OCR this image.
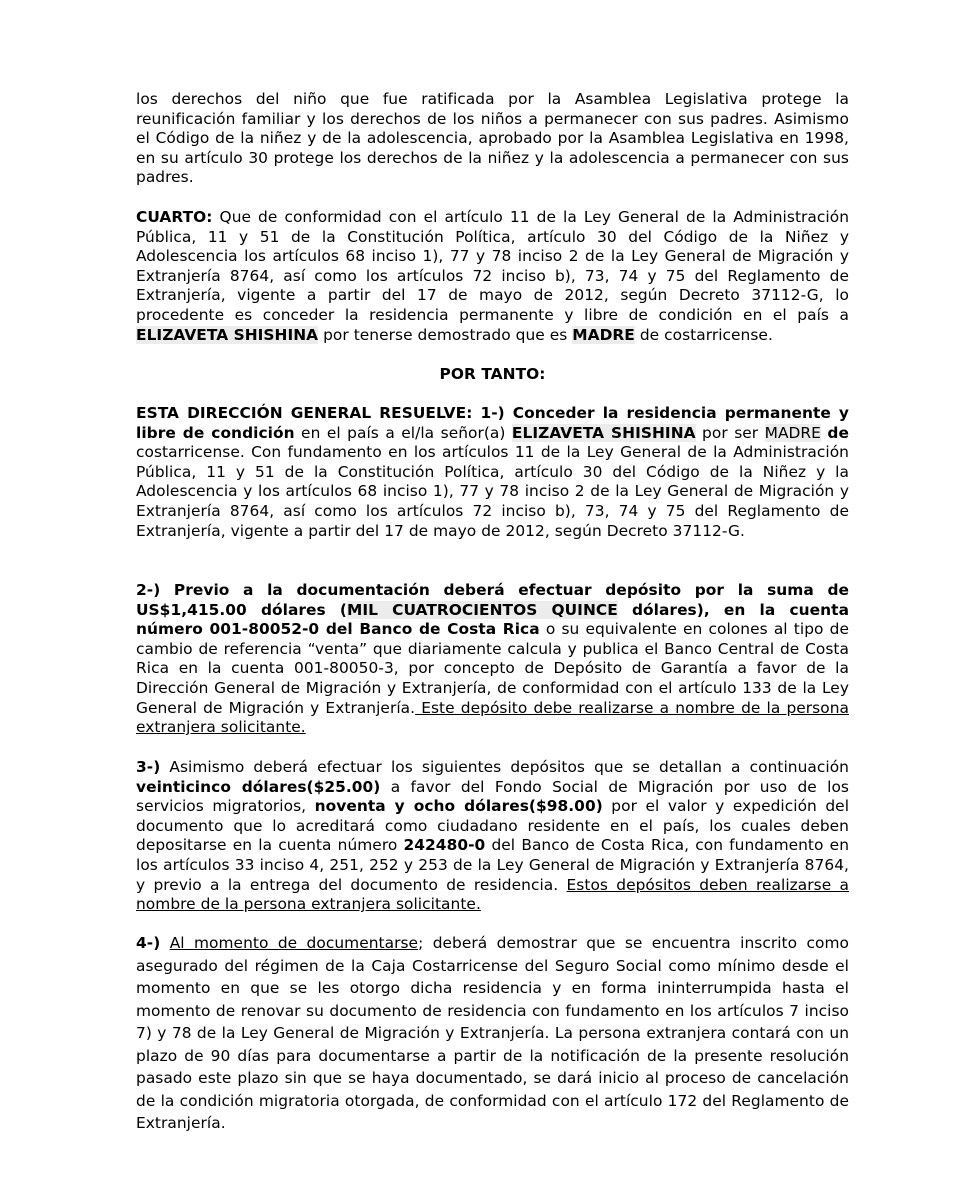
los derechos del niño que fue ratificada por la Asamblea Legislativa protege la reunificación familiar y los derechos de los niños a permanecer con sus padres. Asimismo el Código de la niñez y de la adolescencia, aprobado por la Asamblea Legislativa en 1998, en su artículo 30 protege los derechos de la niñez y la adolescencia a permanecer con sus padres.

CUARTO: Que de conformidad con el artículo 11 de la Ley General de la Administración Pública, 11 y 51 de la Constitución Política, artículo 30 del Código de la Niñez y Adolescencia los artículos 68 inciso 1), 77 y 78 inciso 2 de la Ley General de Migración y Extranjería 8764, así como los artículos 72 inciso b), 73, 74 y 75 del Reglamento de Extranjería, vigente a partir del 17 de mayo de 2012, según Decreto 37112-G, lo procedente es conceder la residencia permanente y libre de condición en el país a ELIZAVETA SHISHINA por tenerse demostrado que es MADRE de costarricense.

POR TANTO:

ESTA DIRECCIÓN GENERAL RESUELVE: 1-) Conceder la residencia permanente y libre de condición en el país a el/la señor(a) ELIZAVETA SHISHINA por ser MADRE de costarricense. Con fundamento en los artículos 11 de la Ley General de la Administración Pública, 11 y 51 de la Constitución Política, artículo 30 del Código de la Niñez y la Adolescencia y los artículos 68 inciso 1), 77 y 78 inciso 2 de la Ley General de Migración y Extranjería 8764, así como los artículos 72 inciso b), 73, 74 y 75 del Reglamento de Extranjería, vigente a partir del 17 de mayo de 2012, según Decreto 37112-G.

2-) Previo a la documentación deberá efectuar depósito por la suma de US$1,415.00 dólares (MIL CUATROCIENTOS QUINCE dólares), en la cuenta número 001-80052-0 del Banco de Costa Rica o su equivalente en colones al tipo de cambio de referencia “venta” que diariamente calcula y publica el Banco Central de Costa Rica en la cuenta 001-80050-3, por concepto de Depósito de Garantía a favor de la Dirección General de Migración y Extranjería, de conformidad con el artículo 133 de la Ley General de Migración y Extranjería. Este depósito debe realizarse a nombre de la persona extranjera solicitante.

3-) Asimismo deberá efectuar los siguientes depósitos que se detallan a continuación veinticinco dólares($25.00) a favor del Fondo Social de Migración por uso de los servicios migratorios, noventa y ocho dólares($98.00) por el valor y expedición del documento que lo acreditará como ciudadano residente en el país, los cuales deben depositarse en la cuenta número 242480-0 del Banco de Costa Rica, con fundamento en los artículos 33 inciso 4, 251, 252 y 253 de la Ley General de Migración y Extranjería 8764, y previo a la entrega del documento de residencia. Estos depósitos deben realizarse a nombre de la persona extranjera solicitante.

4-) Al momento de documentarse; deberá demostrar que se encuentra inscrito como asegurado del régimen de la Caja Costarricense del Seguro Social como mínimo desde el momento en que se les otorgo dicha residencia y en forma ininterrumpida hasta el momento de renovar su documento de residencia con fundamento en los artículos 7 inciso 7) y 78 de la Ley General de Migración y Extranjería. La persona extranjera contará con un plazo de 90 días para documentarse a partir de la notificación de la presente resolución pasado este plazo sin que se haya documentado, se dará inicio al proceso de cancelación de la condición migratoria otorgada, de conformidad con el artículo 172 del Reglamento de Extranjería.
